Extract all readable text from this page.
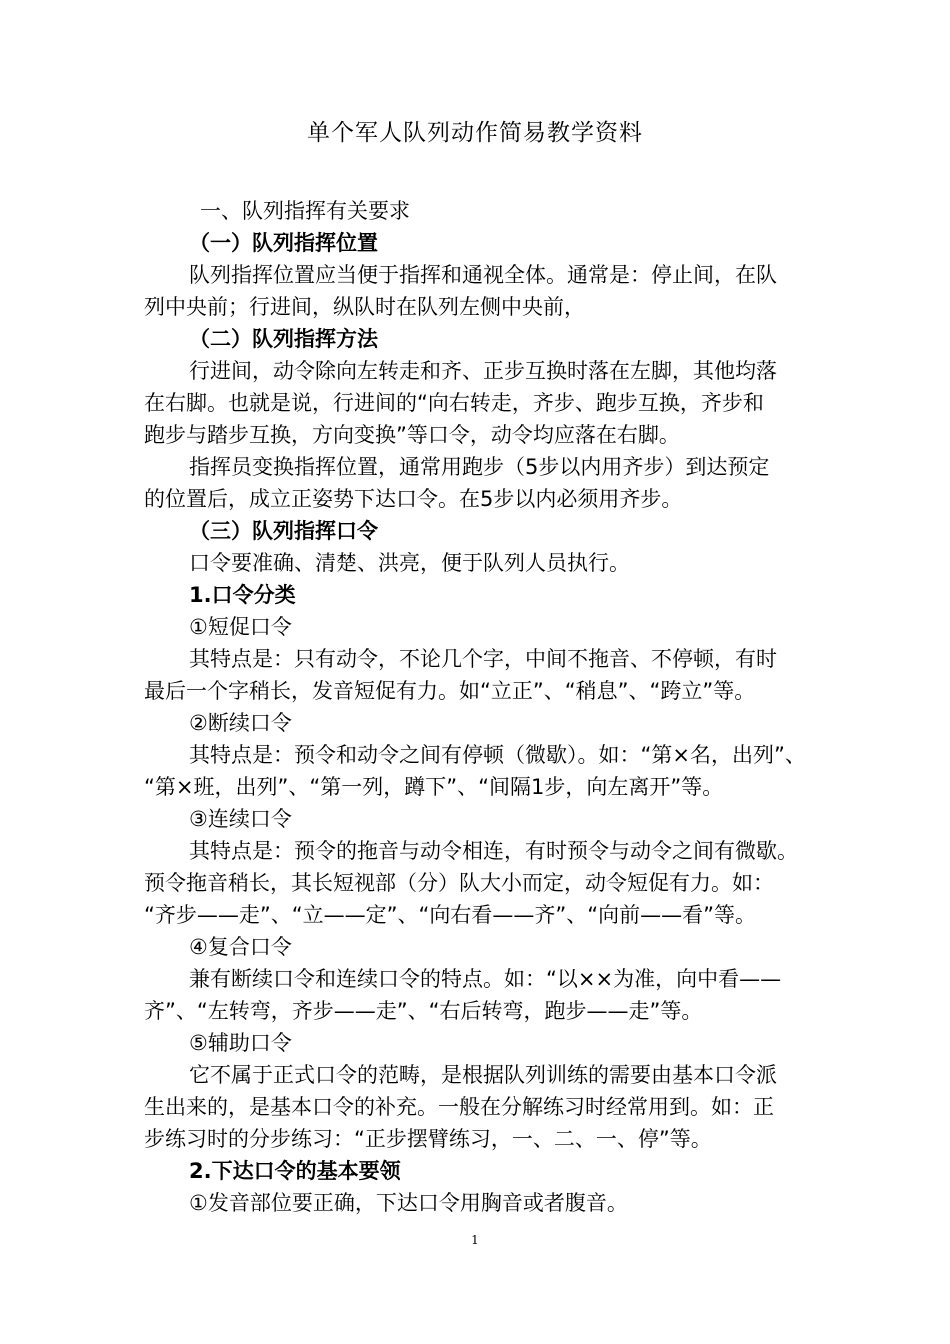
单个军人队列动作简易教学资料
一、队列指挥有关要求
（一）队列指挥位置
队列指挥位置应当便于指挥和通视全体。通常是：停止间，在队
列中央前；行进间，纵队时在队列左侧中央前，
（二）队列指挥方法
行进间，动令除向左转走和齐、正步互换时落在左脚，其他均落
在右脚。也就是说，行进间的“向右转走，齐步、跑步互换，齐步和
跑步与踏步互换，方向变换”等口令，动令均应落在右脚。
指挥员变换指挥位置，通常用跑步（5步以内用齐步）到达预定
的位置后，成立正姿势下达口令。在5步以内必须用齐步。
（三）队列指挥口令
口令要准确、清楚、洪亮，便于队列人员执行。
1.口令分类
①短促口令
其特点是：只有动令，不论几个字，中间不拖音、不停顿，有时
最后一个字稍长，发音短促有力。如“立正”、“稍息”、“跨立”等。
②断续口令
其特点是：预令和动令之间有停顿（微歇）。如：“第×名，出列”、
“第×班，出列”、“第一列，蹲下”、“间隔1步，向左离开”等。
③连续口令
其特点是：预令的拖音与动令相连，有时预令与动令之间有微歇。
预令拖音稍长，其长短视部（分）队大小而定，动令短促有力。如：
“齐步——走”、“立——定”、“向右看——齐”、“向前——看”等。
④复合口令
兼有断续口令和连续口令的特点。如：“以××为准，向中看——
齐”、“左转弯，齐步——走”、“右后转弯，跑步——走”等。
⑤辅助口令
它不属于正式口令的范畴，是根据队列训练的需要由基本口令派
生出来的，是基本口令的补充。一般在分解练习时经常用到。如：正
步练习时的分步练习：“正步摆臂练习，一、二、一、停”等。
2.下达口令的基本要领
①发音部位要正确，下达口令用胸音或者腹音。
1
